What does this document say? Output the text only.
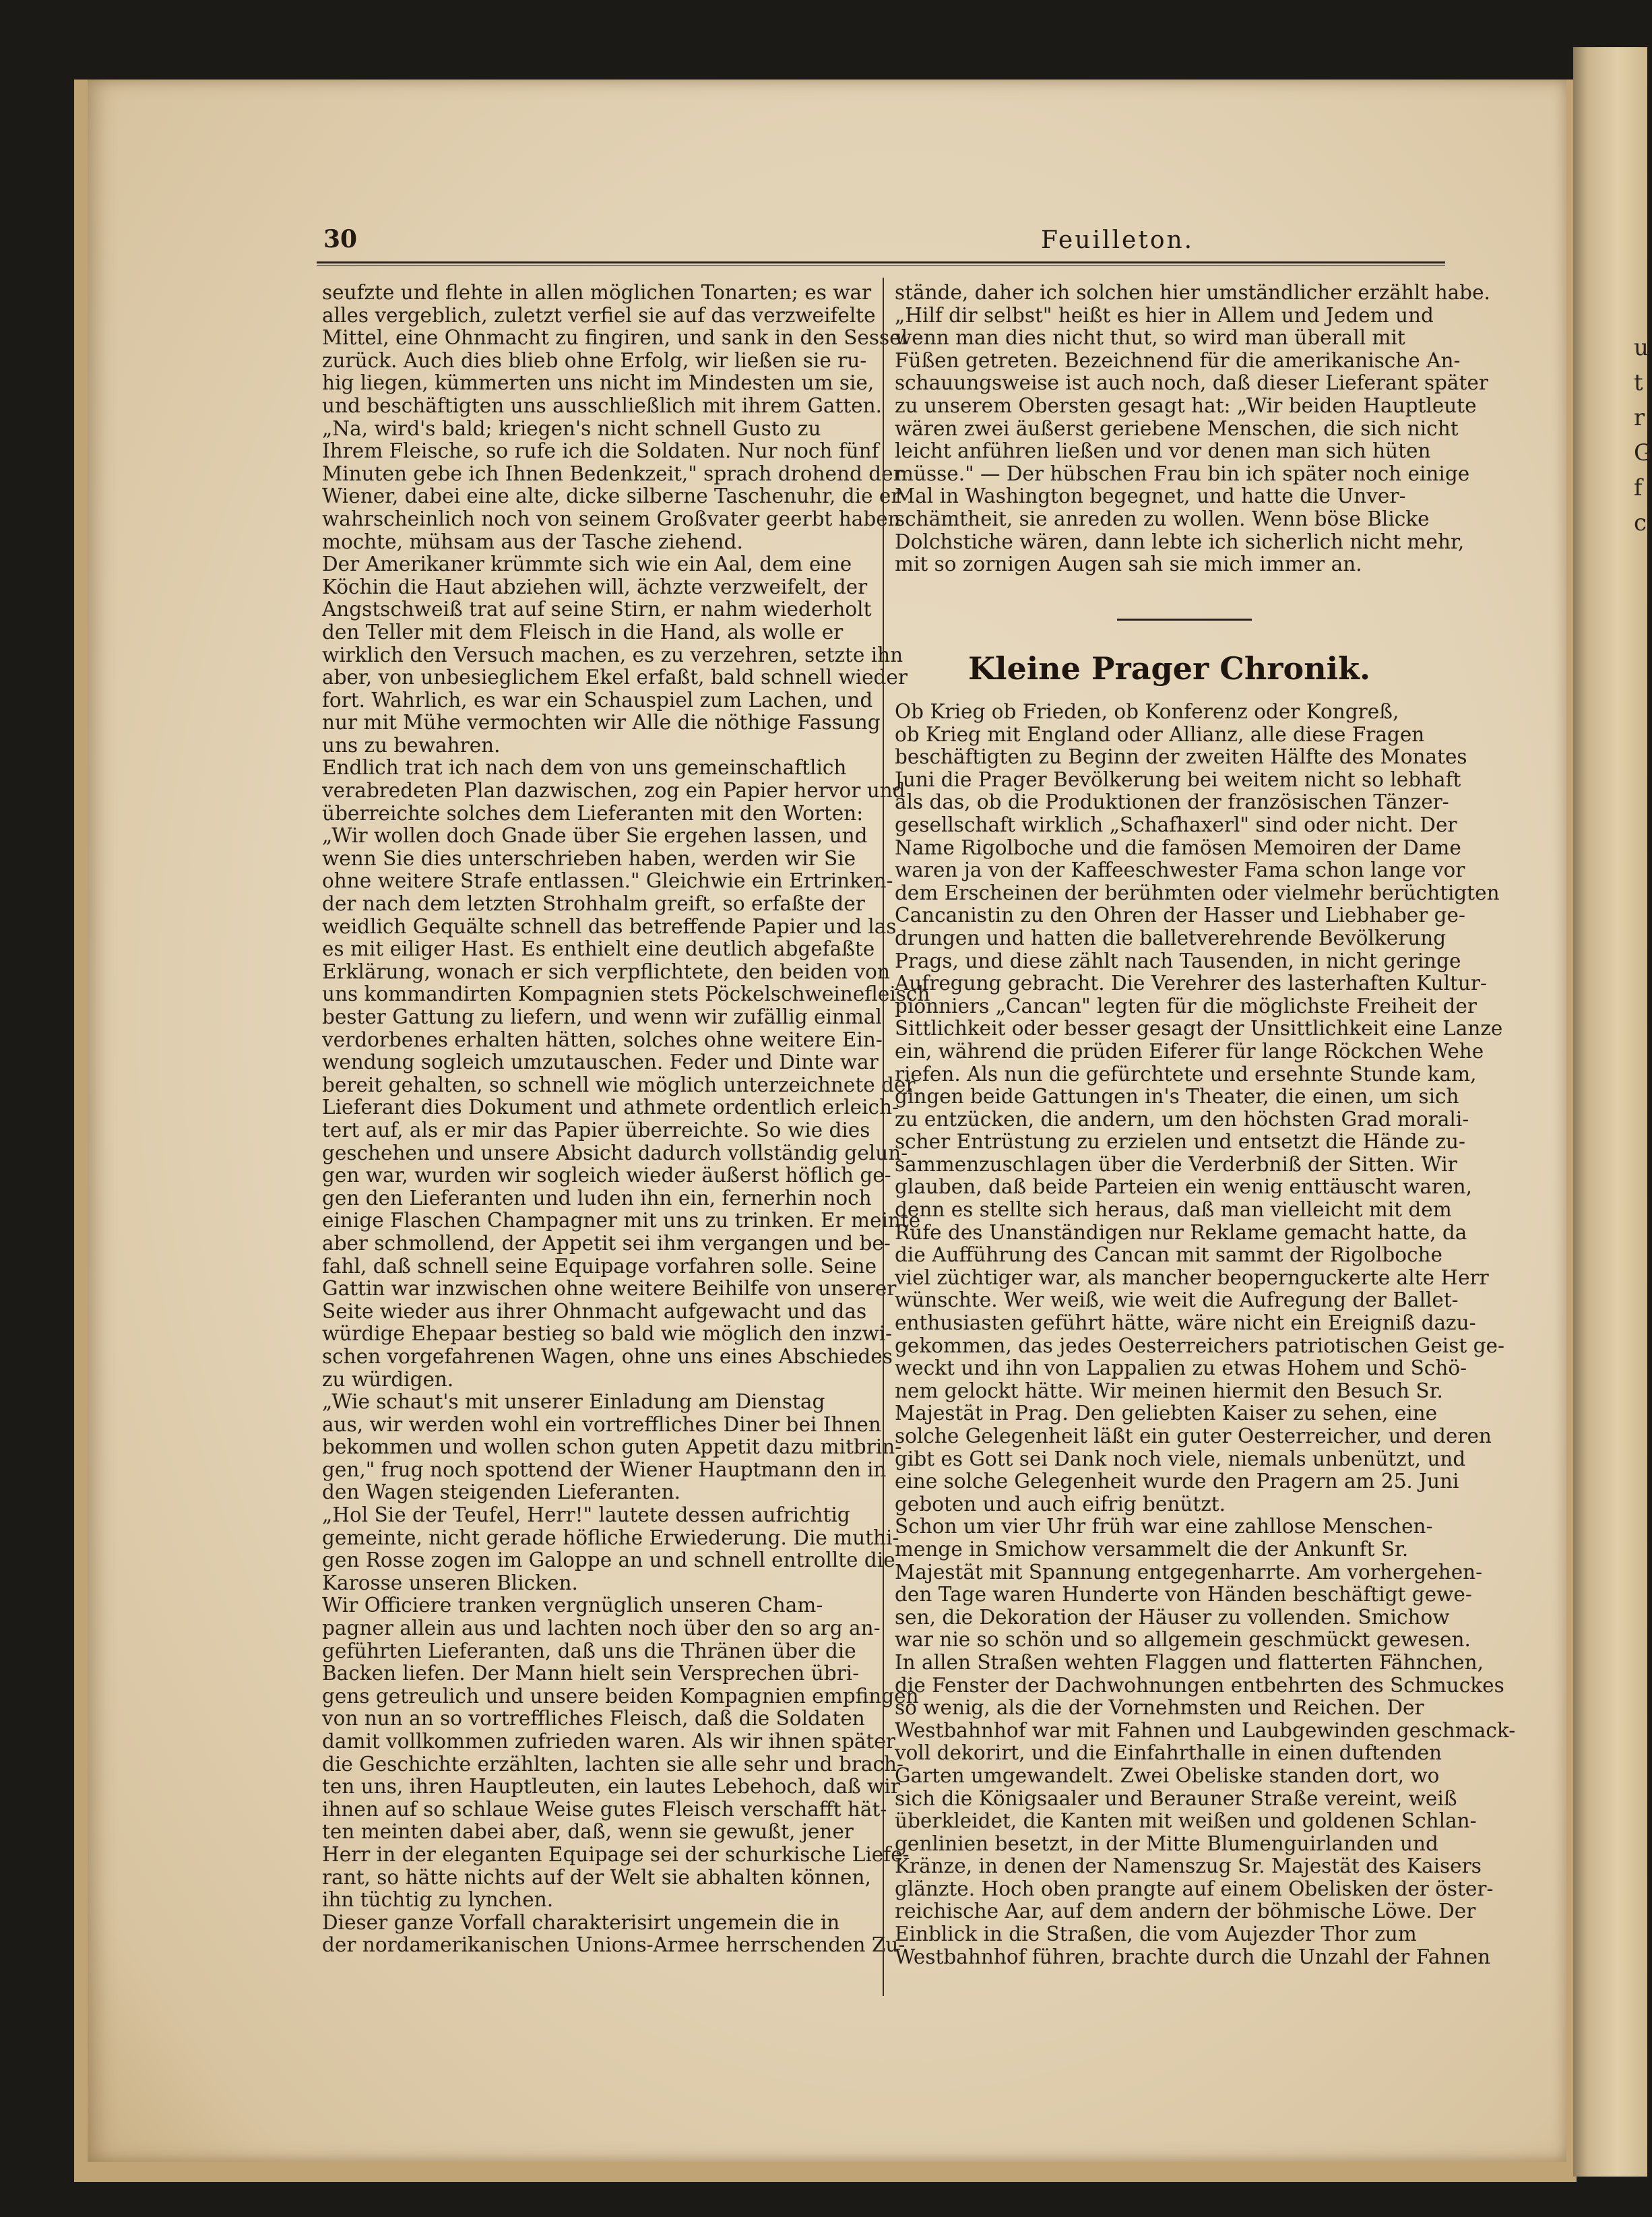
u
t
r
G
f
c
30	Feuilleton.
seufzte und flehte in allen möglichen Tonarten; es war
alles vergeblich, zuletzt verfiel sie auf das verzweifelte
Mittel, eine Ohnmacht zu fingiren, und sank in den Sessel
zurück. Auch dies blieb ohne Erfolg, wir ließen sie ru-
hig liegen, kümmerten uns nicht im Mindesten um sie,
und beschäftigten uns ausschließlich mit ihrem Gatten.
„Na, wird's bald; kriegen's nicht schnell Gusto zu
Ihrem Fleische, so rufe ich die Soldaten. Nur noch fünf
Minuten gebe ich Ihnen Bedenkzeit," sprach drohend der
Wiener, dabei eine alte, dicke silberne Taschenuhr, die er
wahrscheinlich noch von seinem Großvater geerbt haben
mochte, mühsam aus der Tasche ziehend.
Der Amerikaner krümmte sich wie ein Aal, dem eine
Köchin die Haut abziehen will, ächzte verzweifelt, der
Angstschweiß trat auf seine Stirn, er nahm wiederholt
den Teller mit dem Fleisch in die Hand, als wolle er
wirklich den Versuch machen, es zu verzehren, setzte ihn
aber, von unbesieglichem Ekel erfaßt, bald schnell wieder
fort. Wahrlich, es war ein Schauspiel zum Lachen, und
nur mit Mühe vermochten wir Alle die nöthige Fassung
uns zu bewahren.
Endlich trat ich nach dem von uns gemeinschaftlich
verabredeten Plan dazwischen, zog ein Papier hervor und
überreichte solches dem Lieferanten mit den Worten:
„Wir wollen doch Gnade über Sie ergehen lassen, und
wenn Sie dies unterschrieben haben, werden wir Sie
ohne weitere Strafe entlassen." Gleichwie ein Ertrinken-
der nach dem letzten Strohhalm greift, so erfaßte der
weidlich Gequälte schnell das betreffende Papier und las
es mit eiliger Hast. Es enthielt eine deutlich abgefaßte
Erklärung, wonach er sich verpflichtete, den beiden von
uns kommandirten Kompagnien stets Pöckelschweinefleisch
bester Gattung zu liefern, und wenn wir zufällig einmal
verdorbenes erhalten hätten, solches ohne weitere Ein-
wendung sogleich umzutauschen. Feder und Dinte war
bereit gehalten, so schnell wie möglich unterzeichnete der
Lieferant dies Dokument und athmete ordentlich erleich-
tert auf, als er mir das Papier überreichte. So wie dies
geschehen und unsere Absicht dadurch vollständig gelun-
gen war, wurden wir sogleich wieder äußerst höflich ge-
gen den Lieferanten und luden ihn ein, fernerhin noch
einige Flaschen Champagner mit uns zu trinken. Er meinte
aber schmollend, der Appetit sei ihm vergangen und be-
fahl, daß schnell seine Equipage vorfahren solle. Seine
Gattin war inzwischen ohne weitere Beihilfe von unserer
Seite wieder aus ihrer Ohnmacht aufgewacht und das
würdige Ehepaar bestieg so bald wie möglich den inzwi-
schen vorgefahrenen Wagen, ohne uns eines Abschiedes
zu würdigen.
„Wie schaut's mit unserer Einladung am Dienstag
aus, wir werden wohl ein vortreffliches Diner bei Ihnen
bekommen und wollen schon guten Appetit dazu mitbrin-
gen," frug noch spottend der Wiener Hauptmann den in
den Wagen steigenden Lieferanten.
„Hol Sie der Teufel, Herr!" lautete dessen aufrichtig
gemeinte, nicht gerade höfliche Erwiederung. Die muthi-
gen Rosse zogen im Galoppe an und schnell entrollte die
Karosse unseren Blicken.
Wir Officiere tranken vergnüglich unseren Cham-
pagner allein aus und lachten noch über den so arg an-
geführten Lieferanten, daß uns die Thränen über die
Backen liefen. Der Mann hielt sein Versprechen übri-
gens getreulich und unsere beiden Kompagnien empfingen
von nun an so vortreffliches Fleisch, daß die Soldaten
damit vollkommen zufrieden waren. Als wir ihnen später
die Geschichte erzählten, lachten sie alle sehr und brach-
ten uns, ihren Hauptleuten, ein lautes Lebehoch, daß wir
ihnen auf so schlaue Weise gutes Fleisch verschafft hät-
ten meinten dabei aber, daß, wenn sie gewußt, jener
Herr in der eleganten Equipage sei der schurkische Liefe-
rant, so hätte nichts auf der Welt sie abhalten können,
ihn tüchtig zu lynchen.
Dieser ganze Vorfall charakterisirt ungemein die in
der nordamerikanischen Unions-Armee herrschenden Zu-
stände, daher ich solchen hier umständlicher erzählt habe.
„Hilf dir selbst" heißt es hier in Allem und Jedem und
wenn man dies nicht thut, so wird man überall mit
Füßen getreten. Bezeichnend für die amerikanische An-
schauungsweise ist auch noch, daß dieser Lieferant später
zu unserem Obersten gesagt hat: „Wir beiden Hauptleute
wären zwei äußerst geriebene Menschen, die sich nicht
leicht anführen ließen und vor denen man sich hüten
müsse." — Der hübschen Frau bin ich später noch einige
Mal in Washington begegnet, und hatte die Unver-
schämtheit, sie anreden zu wollen. Wenn böse Blicke
Dolchstiche wären, dann lebte ich sicherlich nicht mehr,
mit so zornigen Augen sah sie mich immer an.
Kleine Prager Chronik.
Ob Krieg ob Frieden, ob Konferenz oder Kongreß,
ob Krieg mit England oder Allianz, alle diese Fragen
beschäftigten zu Beginn der zweiten Hälfte des Monates
Juni die Prager Bevölkerung bei weitem nicht so lebhaft
als das, ob die Produktionen der französischen Tänzer-
gesellschaft wirklich „Schafhaxerl" sind oder nicht. Der
Name Rigolboche und die famösen Memoiren der Dame
waren ja von der Kaffeeschwester Fama schon lange vor
dem Erscheinen der berühmten oder vielmehr berüchtigten
Cancanistin zu den Ohren der Hasser und Liebhaber ge-
drungen und hatten die balletverehrende Bevölkerung
Prags, und diese zählt nach Tausenden, in nicht geringe
Aufregung gebracht. Die Verehrer des lasterhaften Kultur-
pionniers „Cancan" legten für die möglichste Freiheit der
Sittlichkeit oder besser gesagt der Unsittlichkeit eine Lanze
ein, während die prüden Eiferer für lange Röckchen Wehe
riefen. Als nun die gefürchtete und ersehnte Stunde kam,
gingen beide Gattungen in's Theater, die einen, um sich
zu entzücken, die andern, um den höchsten Grad morali-
scher Entrüstung zu erzielen und entsetzt die Hände zu-
sammenzuschlagen über die Verderbniß der Sitten. Wir
glauben, daß beide Parteien ein wenig enttäuscht waren,
denn es stellte sich heraus, daß man vielleicht mit dem
Rufe des Unanständigen nur Reklame gemacht hatte, da
die Aufführung des Cancan mit sammt der Rigolboche
viel züchtiger war, als mancher beopernguckerte alte Herr
wünschte. Wer weiß, wie weit die Aufregung der Ballet-
enthusiasten geführt hätte, wäre nicht ein Ereigniß dazu-
gekommen, das jedes Oesterreichers patriotischen Geist ge-
weckt und ihn von Lappalien zu etwas Hohem und Schö-
nem gelockt hätte. Wir meinen hiermit den Besuch Sr.
Majestät in Prag. Den geliebten Kaiser zu sehen, eine
solche Gelegenheit läßt ein guter Oesterreicher, und deren
gibt es Gott sei Dank noch viele, niemals unbenützt, und
eine solche Gelegenheit wurde den Pragern am 25. Juni
geboten und auch eifrig benützt.
Schon um vier Uhr früh war eine zahllose Menschen-
menge in Smichow versammelt die der Ankunft Sr.
Majestät mit Spannung entgegenharrte. Am vorhergehen-
den Tage waren Hunderte von Händen beschäftigt gewe-
sen, die Dekoration der Häuser zu vollenden. Smichow
war nie so schön und so allgemein geschmückt gewesen.
In allen Straßen wehten Flaggen und flatterten Fähnchen,
die Fenster der Dachwohnungen entbehrten des Schmuckes
so wenig, als die der Vornehmsten und Reichen. Der
Westbahnhof war mit Fahnen und Laubgewinden geschmack-
voll dekorirt, und die Einfahrthalle in einen duftenden
Garten umgewandelt. Zwei Obeliske standen dort, wo
sich die Königsaaler und Berauner Straße vereint, weiß
überkleidet, die Kanten mit weißen und goldenen Schlan-
genlinien besetzt, in der Mitte Blumenguirlanden und
Kränze, in denen der Namenszug Sr. Majestät des Kaisers
glänzte. Hoch oben prangte auf einem Obelisken der öster-
reichische Aar, auf dem andern der böhmische Löwe. Der
Einblick in die Straßen, die vom Aujezder Thor zum
Westbahnhof führen, brachte durch die Unzahl der Fahnen
